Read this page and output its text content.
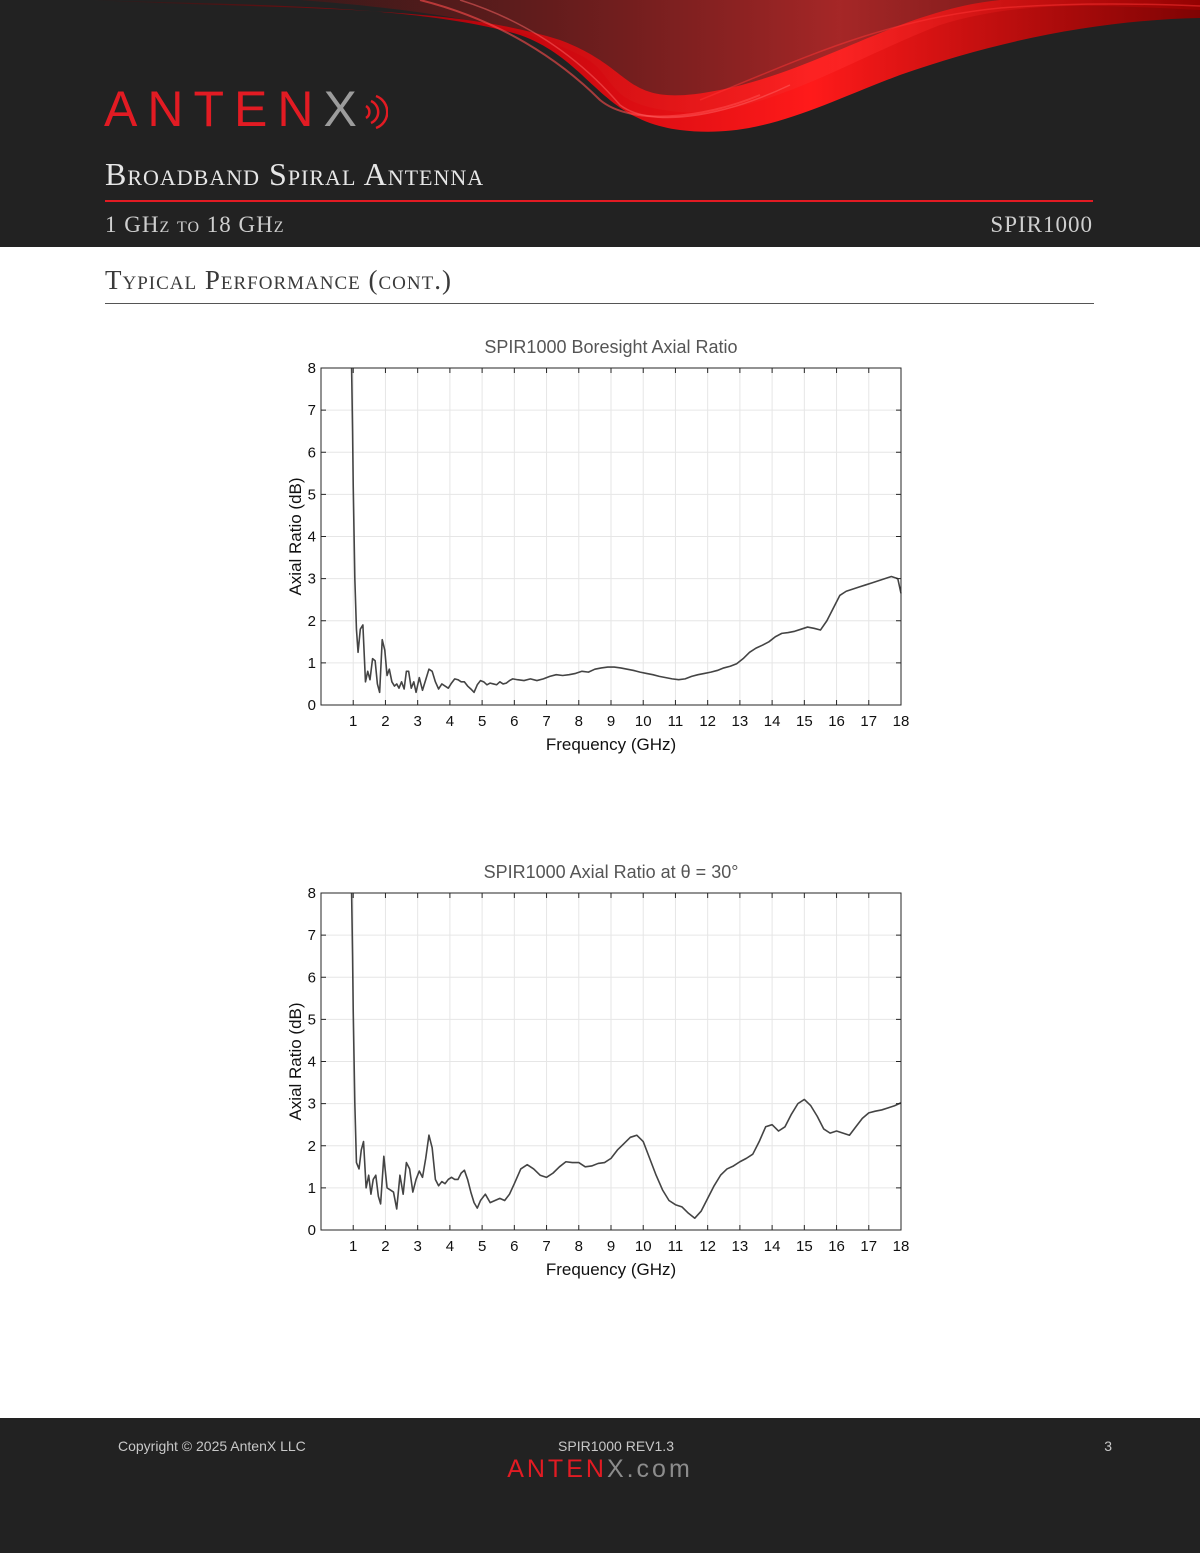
ANTENX
Broadband Spiral Antenna
1 GHz to 18 GHz	SPIR1000
Typical Performance (cont.)
1 2 3 4 5 6 7 8 9 10 11 12 13 14 15 16 17 18
0
1
2
3
4
5
6
7
8
SPIR1000 Boresight Axial Ratio
Frequency (GHz)
Axial Ratio (dB)
1 2 3 4 5 6 7 8 9 10 11 12 13 14 15 16 17 18
0
1
2
3
4
5
6
7
8
SPIR1000 Axial Ratio at θ = 30°
Frequency (GHz)
Axial Ratio (dB)
ANTENX.com
Copyright © 2025 AntenX LLC	SPIR1000 REV1.3	3
